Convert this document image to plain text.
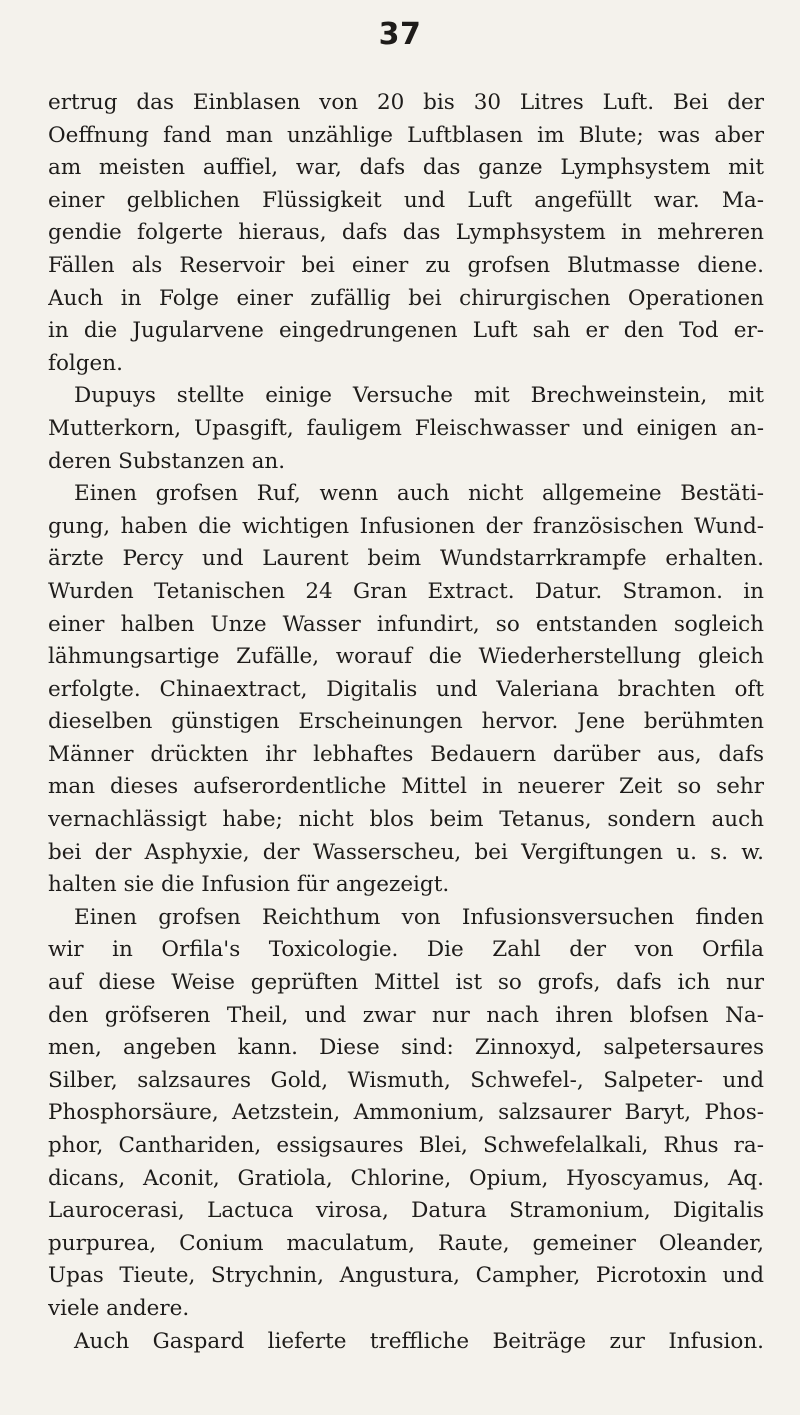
37
ertrug das Einblasen von 20 bis 30 Litres Luft. Bei der
Oeffnung fand man unzählige Luftblasen im Blute; was aber
am meisten auffiel, war, dafs das ganze Lymphsystem mit
einer gelblichen Flüssigkeit und Luft angefüllt war. Ma-
gendie folgerte hieraus, dafs das Lymphsystem in mehreren
Fällen als Reservoir bei einer zu grofsen Blutmasse diene.
Auch in Folge einer zufällig bei chirurgischen Operationen
in die Jugularvene eingedrungenen Luft sah er den Tod er-
folgen.
Dupuys stellte einige Versuche mit Brechweinstein, mit
Mutterkorn, Upasgift, fauligem Fleischwasser und einigen an-
deren Substanzen an.
Einen grofsen Ruf, wenn auch nicht allgemeine Bestäti-
gung, haben die wichtigen Infusionen der französischen Wund-
ärzte Percy und Laurent beim Wundstarrkrampfe erhalten.
Wurden Tetanischen 24 Gran Extract. Datur. Stramon. in
einer halben Unze Wasser infundirt, so entstanden sogleich
lähmungsartige Zufälle, worauf die Wiederherstellung gleich
erfolgte. Chinaextract, Digitalis und Valeriana brachten oft
dieselben günstigen Erscheinungen hervor. Jene berühmten
Männer drückten ihr lebhaftes Bedauern darüber aus, dafs
man dieses aufserordentliche Mittel in neuerer Zeit so sehr
vernachlässigt habe; nicht blos beim Tetanus, sondern auch
bei der Asphyxie, der Wasserscheu, bei Vergiftungen u. s. w.
halten sie die Infusion für angezeigt.
Einen grofsen Reichthum von Infusionsversuchen finden
wir in Orfila's Toxicologie. Die Zahl der von Orfila
auf diese Weise geprüften Mittel ist so grofs, dafs ich nur
den gröfseren Theil, und zwar nur nach ihren blofsen Na-
men, angeben kann. Diese sind: Zinnoxyd, salpetersaures
Silber, salzsaures Gold, Wismuth, Schwefel-, Salpeter- und
Phosphorsäure, Aetzstein, Ammonium, salzsaurer Baryt, Phos-
phor, Canthariden, essigsaures Blei, Schwefelalkali, Rhus ra-
dicans, Aconit, Gratiola, Chlorine, Opium, Hyoscyamus, Aq.
Laurocerasi, Lactuca virosa, Datura Stramonium, Digitalis
purpurea, Conium maculatum, Raute, gemeiner Oleander,
Upas Tieute, Strychnin, Angustura, Campher, Picrotoxin und
viele andere.
Auch Gaspard lieferte treffliche Beiträge zur Infusion.
